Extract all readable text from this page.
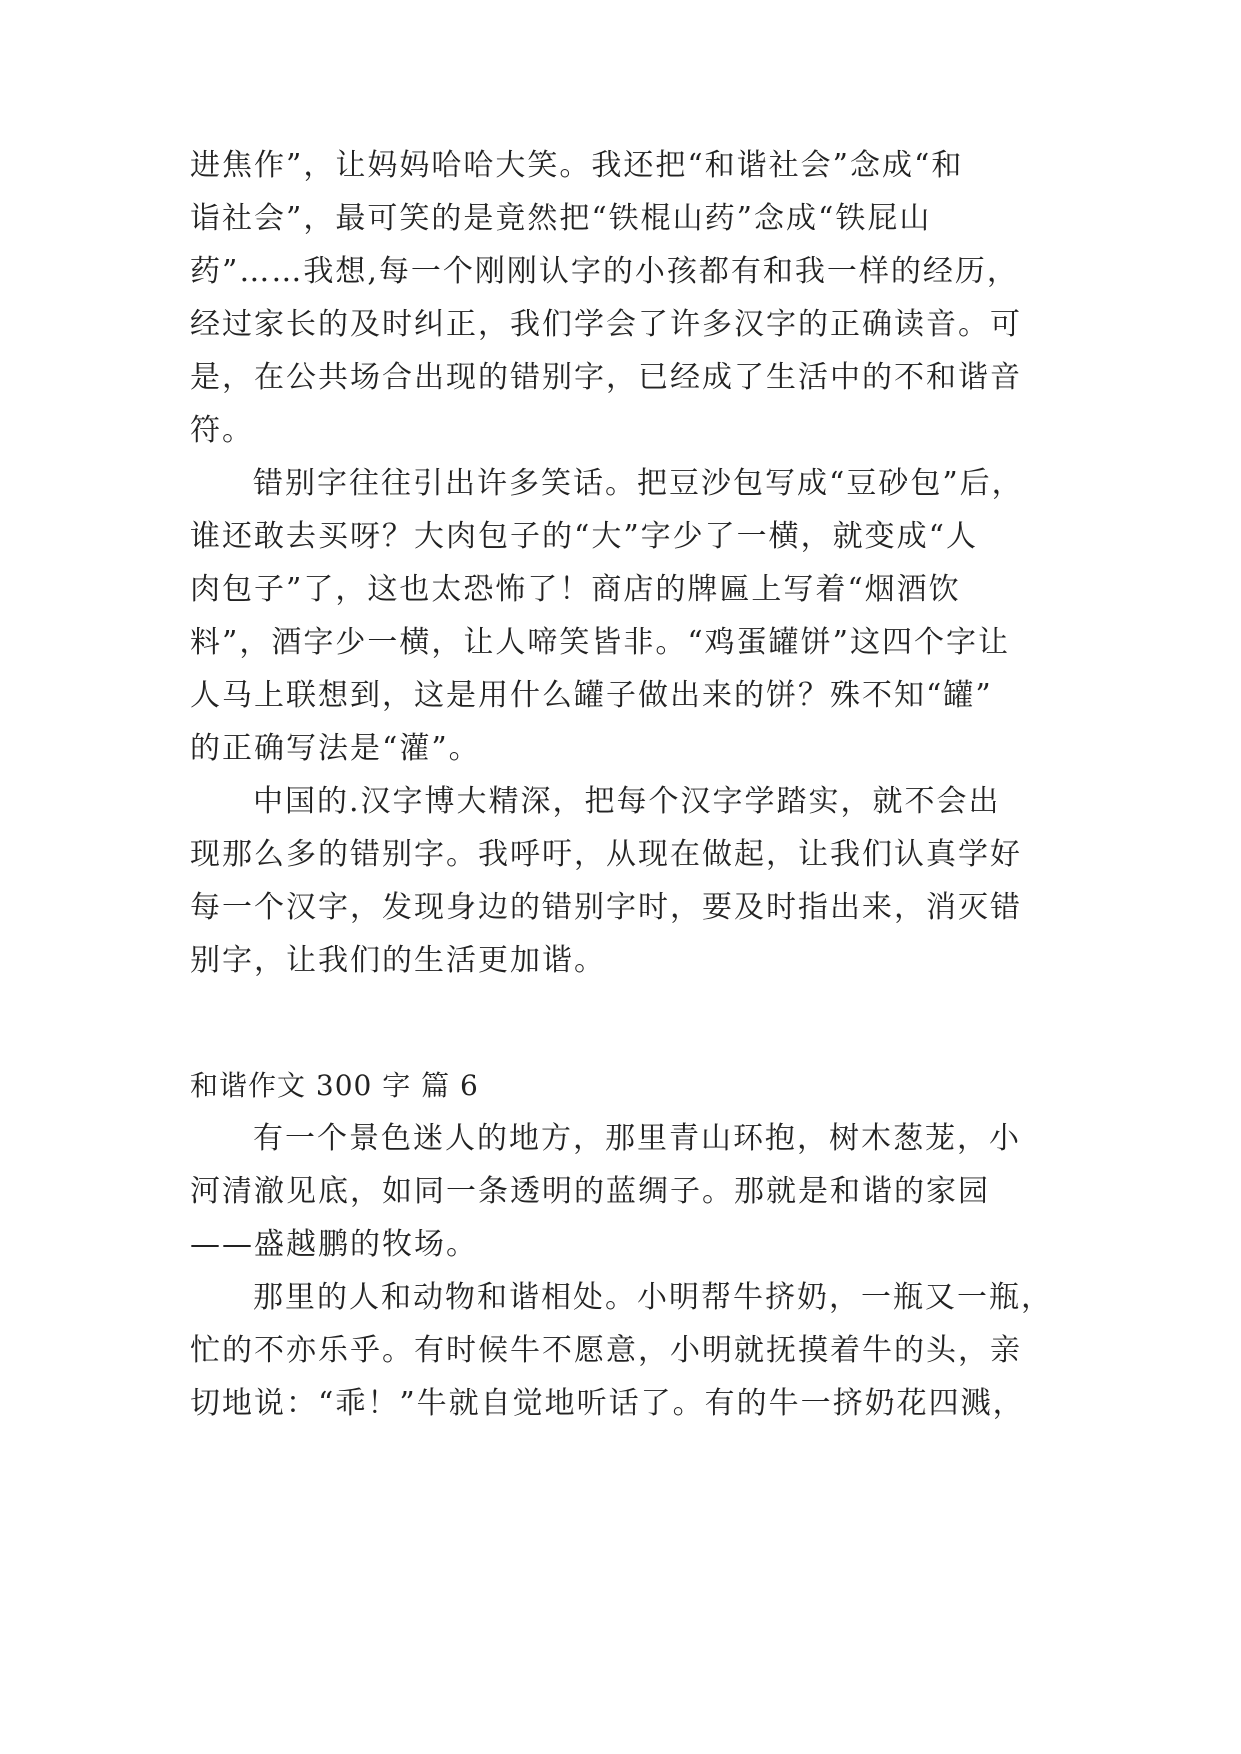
进焦作”，让妈妈哈哈大笑。我还把“和谐社会”念成“和
诣社会”，最可笑的是竟然把“铁棍山药”念成“铁屁山
药”……我想,每一个刚刚认字的小孩都有和我一样的经历，
经过家长的及时纠正，我们学会了许多汉字的正确读音。可
是，在公共场合出现的错别字，已经成了生活中的不和谐音
符。
错别字往往引出许多笑话。把豆沙包写成“豆砂包”后，
谁还敢去买呀？大肉包子的“大”字少了一横，就变成“人
肉包子”了，这也太恐怖了！商店的牌匾上写着“烟酒饮
料”，酒字少一横，让人啼笑皆非。“鸡蛋罐饼”这四个字让
人马上联想到，这是用什么罐子做出来的饼？殊不知“罐”
的正确写法是“灌”。
中国的.汉字博大精深，把每个汉字学踏实，就不会出
现那么多的错别字。我呼吁，从现在做起，让我们认真学好
每一个汉字，发现身边的错别字时，要及时指出来，消灭错
别字，让我们的生活更加谐。
和谐作文 300 字 篇 6
有一个景色迷人的地方，那里青山环抱，树木葱茏，小
河清澈见底，如同一条透明的蓝绸子。那就是和谐的家园
——盛越鹏的牧场。
那里的人和动物和谐相处。小明帮牛挤奶，一瓶又一瓶，
忙的不亦乐乎。有时候牛不愿意，小明就抚摸着牛的头，亲
切地说：“乖！”牛就自觉地听话了。有的牛一挤奶花四溅，
